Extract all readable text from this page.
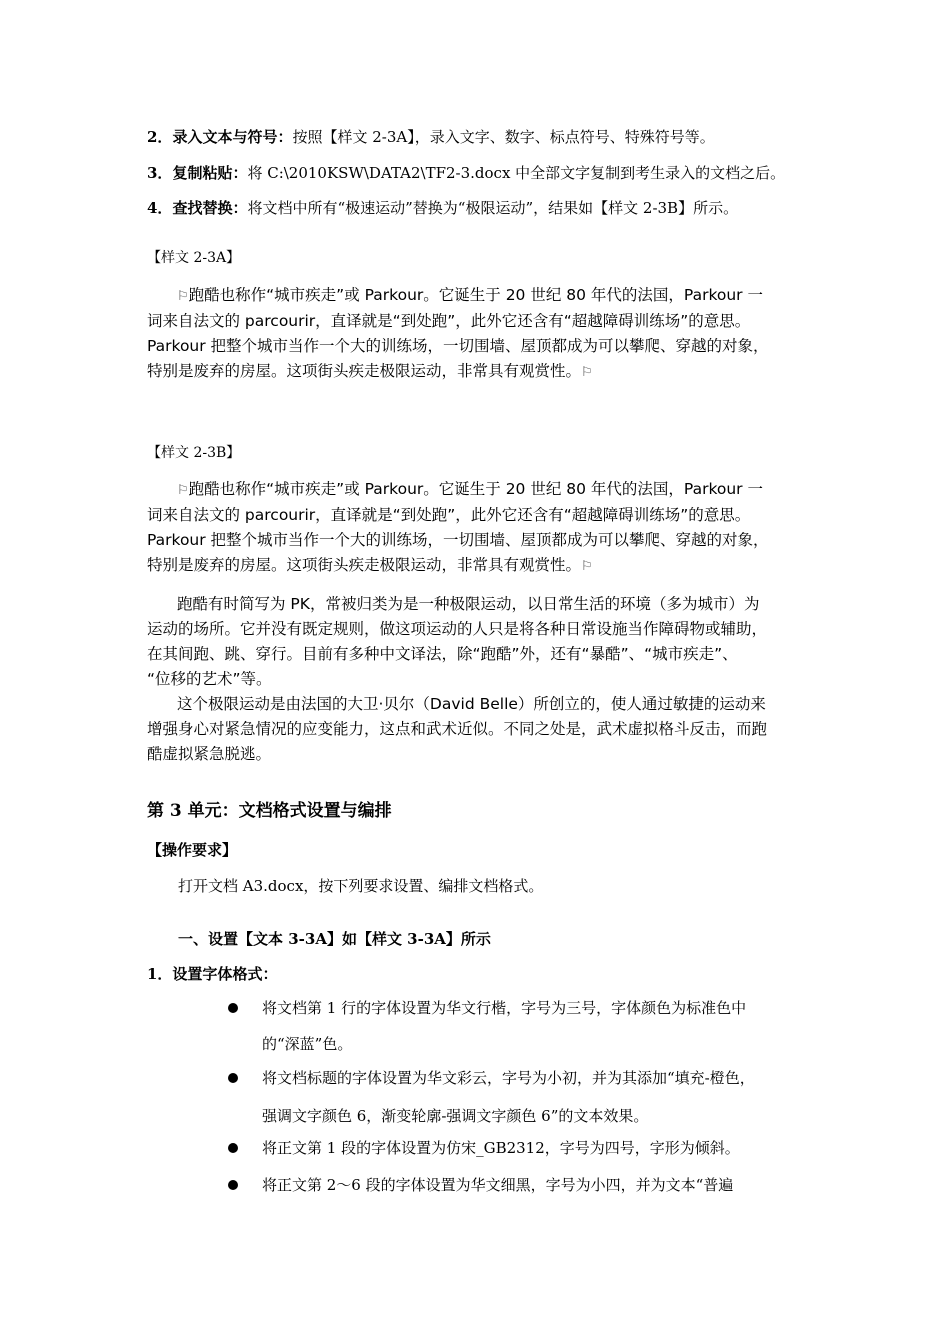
2．录入文本与符号：按照【样文 2-3A】，录入文字、数字、标点符号、特殊符号等。
3．复制粘贴：将 C:\2010KSW\DATA2\TF2-3.docx 中全部文字复制到考生录入的文档之后。
4．查找替换：将文档中所有“极速运动”替换为“极限运动”，结果如【样文 2-3B】所示。
【样文 2-3A】

⚐跑酷也称作“城市疾走”或 Parkour。它诞生于 20 世纪 80 年代的法国，Parkour 一

词来自法文的 parcourir，直译就是“到处跑”，此外它还含有“超越障碍训练场”的意思。

Parkour 把整个城市当作一个大的训练场，一切围墙、屋顶都成为可以攀爬、穿越的对象，

特别是废弃的房屋。这项街头疾走极限运动，非常具有观赏性。⚐

【样文 2-3B】

⚐跑酷也称作“城市疾走”或 Parkour。它诞生于 20 世纪 80 年代的法国，Parkour 一

词来自法文的 parcourir，直译就是“到处跑”，此外它还含有“超越障碍训练场”的意思。

Parkour 把整个城市当作一个大的训练场，一切围墙、屋顶都成为可以攀爬、穿越的对象，

特别是废弃的房屋。这项街头疾走极限运动，非常具有观赏性。⚐

跑酷有时简写为 PK，常被归类为是一种极限运动，以日常生活的环境（多为城市）为

运动的场所。它并没有既定规则，做这项运动的人只是将各种日常设施当作障碍物或辅助，

在其间跑、跳、穿行。目前有多种中文译法，除“跑酷”外，还有“暴酷”、“城市疾走”、

“位移的艺术”等。

这个极限运动是由法国的大卫·贝尔（David Belle）所创立的，使人通过敏捷的运动来

增强身心对紧急情况的应变能力，这点和武术近似。不同之处是，武术虚拟格斗反击，而跑

酷虚拟紧急脱逃。

第 3 单元：文档格式设置与编排
【操作要求】
打开文档 A3.docx，按下列要求设置、编排文档格式。
一、设置【文本 3-3A】如【样文 3-3A】所示
1．设置字体格式：
将文档第 1 行的字体设置为华文行楷，字号为三号，字体颜色为标准色中
的“深蓝”色。
将文档标题的字体设置为华文彩云，字号为小初，并为其添加“填充-橙色，
强调文字颜色 6，渐变轮廓-强调文字颜色 6”的文本效果。
将正文第 1 段的字体设置为仿宋_GB2312，字号为四号，字形为倾斜。
将正文第 2～6 段的字体设置为华文细黑，字号为小四，并为文本“普遍
